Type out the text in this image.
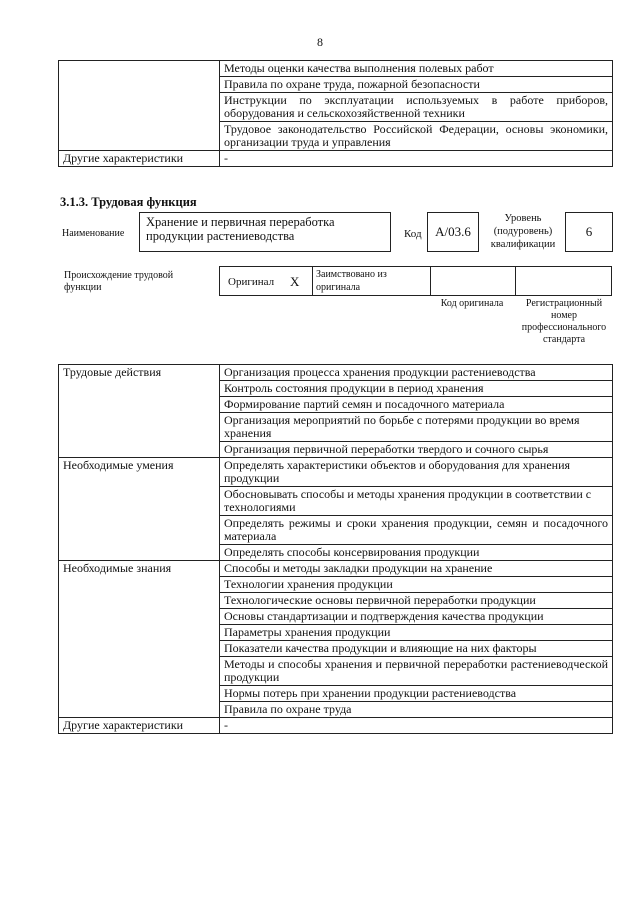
8
	Методы оценки качества выполнения полевых работ
	Правила по охране труда, пожарной безопасности
	Инструкции по эксплуатации используемых в работе приборов, оборудования и сельскохозяйственной техники
	Трудовое законодательство Российской Федерации, основы экономики, организации труда и управления
Другие характеристики	-
3.1.3. Трудовая функция
Наименование
Хранение и первичная переработка продукции растениеводства	Код	A/03.6
Уровень (подуровень) квалификации
6
Происхождение трудовой функции	Оригинал X Заимствовано из оригинала
Код оригинала	Регистрационный номер профессионального стандарта
Трудовые действия	Организация процесса хранения продукции растениеводства
	Контроль состояния продукции в период хранения
	Формирование партий семян и посадочного материала
	Организация мероприятий по борьбе с потерями продукции во время хранения
	Организация первичной переработки твердого и сочного сырья
Необходимые умения	Определять характеристики объектов и оборудования для хранения продукции
	Обосновывать способы и методы хранения продукции в соответствии с технологиями
	Определять режимы и сроки хранения продукции, семян и посадочного материала
	Определять способы консервирования продукции
Необходимые знания	Способы и методы закладки продукции на хранение
	Технологии хранения продукции
	Технологические основы первичной переработки продукции
	Основы стандартизации и подтверждения качества продукции
	Параметры хранения продукции
	Показатели качества продукции и влияющие на них факторы
	Методы и способы хранения и первичной переработки растениеводческой продукции
	Нормы потерь при хранении продукции растениеводства
	Правила по охране труда
Другие характеристики	-
